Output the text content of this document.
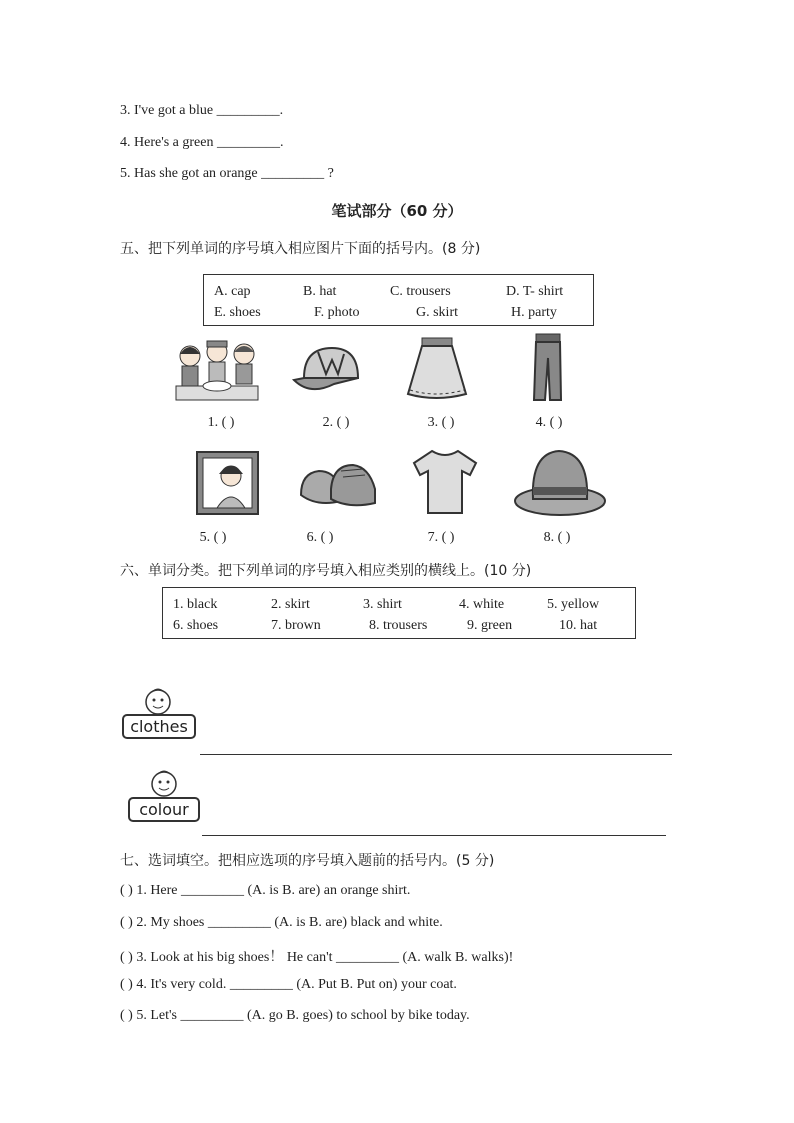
3. I've got a blue _________.
4. Here's a green _________.
5. Has she got an orange _________ ?
笔试部分（60 分）
五、把下列单词的序号填入相应图片下面的括号内。(8 分)
A. cap	B. hat	C. trousers	D. T- shirt
E. shoes	F. photo	G. skirt	H. party
1. ( )	2. ( )	3. ( )	4. ( )
5. ( )	6. ( )	7. ( )	8. ( )
六、单词分类。把下列单词的序号填入相应类别的横线上。(10 分)
1. black	2. skirt	3. shirt	4. white	5. yellow
6. shoes	7. brown	8. trousers	9. green	10. hat
clothes
colour
七、选词填空。把相应选项的序号填入题前的括号内。(5 分)
( ) 1. Here _________ (A. is B. are) an orange shirt.
( ) 2. My shoes _________ (A. is B. are) black and white.
( ) 3. Look at his big shoes！ He can't _________ (A. walk B. walks)!
( ) 4. It's very cold. _________ (A. Put B. Put on) your coat.
( ) 5. Let's _________ (A. go B. goes) to school by bike today.
